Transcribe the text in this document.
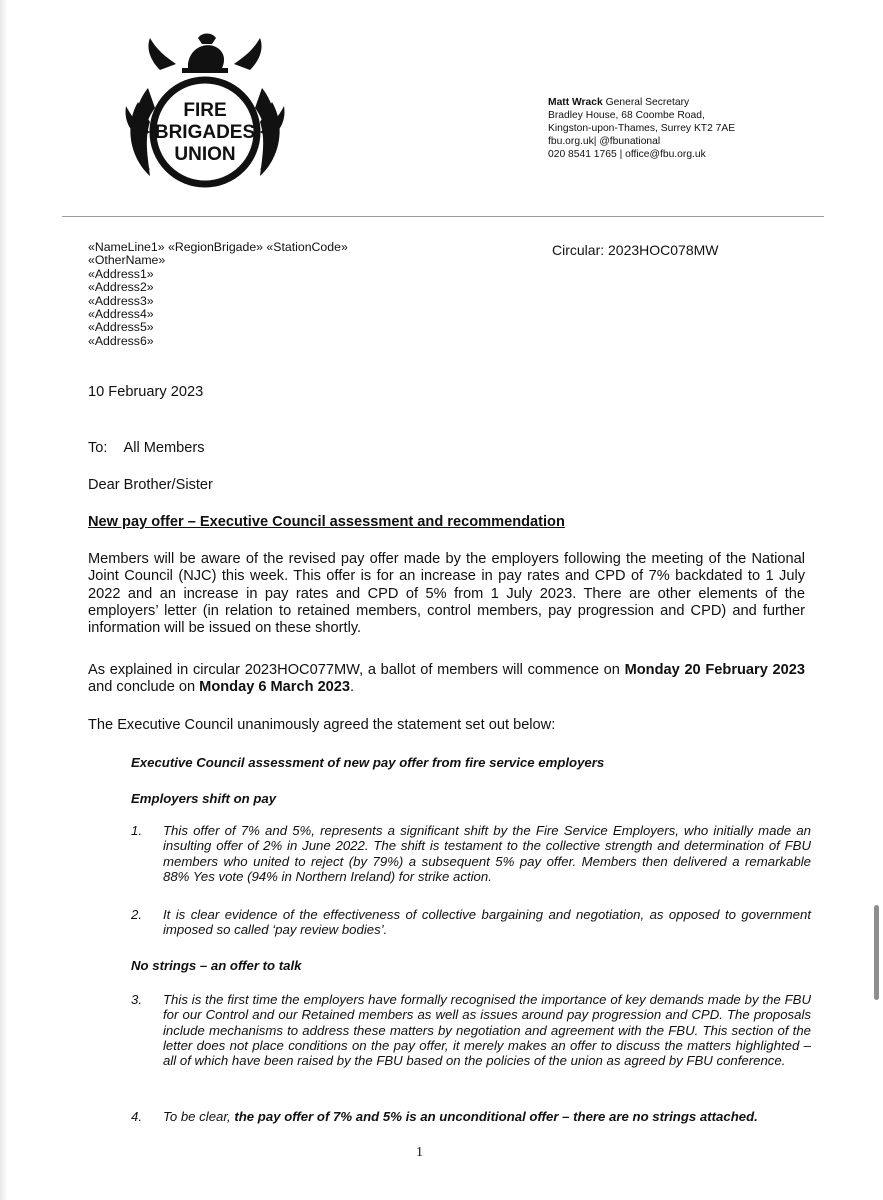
FIRE
BRIGADES
UNION
Matt Wrack General Secretary
Bradley House, 68 Coombe Road,
Kingston-upon-Thames, Surrey KT2 7AE
fbu.org.uk| @fbunational
020 8541 1765 | office@fbu.org.uk
«NameLine1» «RegionBrigade» «StationCode»
«OtherName»
«Address1»
«Address2»
«Address3»
«Address4»
«Address5»
«Address6»
Circular: 2023HOC078MW
10 February 2023
To: All Members
Dear Brother/Sister
New pay offer – Executive Council assessment and recommendation
Members will be aware of the revised pay offer made by the employers following the meeting of the National Joint Council (NJC) this week. This offer is for an increase in pay rates and CPD of 7% backdated to 1 July 2022 and an increase in pay rates and CPD of 5% from 1 July 2023. There are other elements of the employers’ letter (in relation to retained members, control members, pay progression and CPD) and further information will be issued on these shortly.
As explained in circular 2023HOC077MW, a ballot of members will commence on Monday 20 February 2023 and conclude on Monday 6 March 2023.
The Executive Council unanimously agreed the statement set out below:
Executive Council assessment of new pay offer from fire service employers
Employers shift on pay
1. This offer of 7% and 5%, represents a significant shift by the Fire Service Employers, who initially made an insulting offer of 2% in June 2022. The shift is testament to the collective strength and determination of FBU members who united to reject (by 79%) a subsequent 5% pay offer. Members then delivered a remarkable 88% Yes vote (94% in Northern Ireland) for strike action.
2. It is clear evidence of the effectiveness of collective bargaining and negotiation, as opposed to government imposed so called ‘pay review bodies’.
No strings – an offer to talk
3. This is the first time the employers have formally recognised the importance of key demands made by the FBU for our Control and our Retained members as well as issues around pay progression and CPD. The proposals include mechanisms to address these matters by negotiation and agreement with the FBU. This section of the letter does not place conditions on the pay offer, it merely makes an offer to discuss the matters highlighted – all of which have been raised by the FBU based on the policies of the union as agreed by FBU conference.
4. To be clear, the pay offer of 7% and 5% is an unconditional offer – there are no strings attached.
1
